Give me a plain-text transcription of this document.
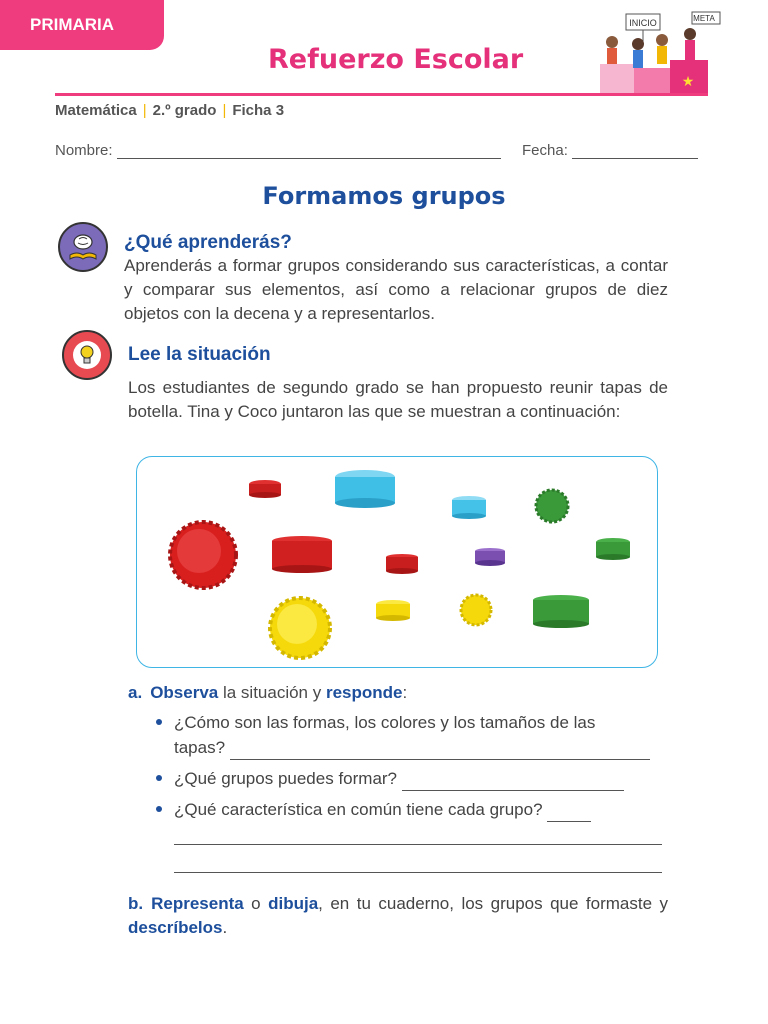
PRIMARIA
Refuerzo Escolar
★
INICIO	META
Matemática | 2.º grado | Ficha 3
Nombre:	Fecha:
Formamos grupos
¿Qué aprenderás?
Aprenderás a formar grupos considerando sus características, a contar y comparar sus elementos, así como a relacionar grupos de diez objetos con la decena y a representarlos.
Lee la situación
Los estudiantes de segundo grado se han propuesto reunir tapas de botella. Tina y Coco juntaron las que se muestran a continuación:
a. Observa la situación y responde:
¿Cómo son las formas, los colores y los tamaños de las
tapas?
¿Qué grupos puedes formar?
¿Qué característica en común tiene cada grupo?
b. Representa o dibuja, en tu cuaderno, los grupos que formaste y descríbelos.
